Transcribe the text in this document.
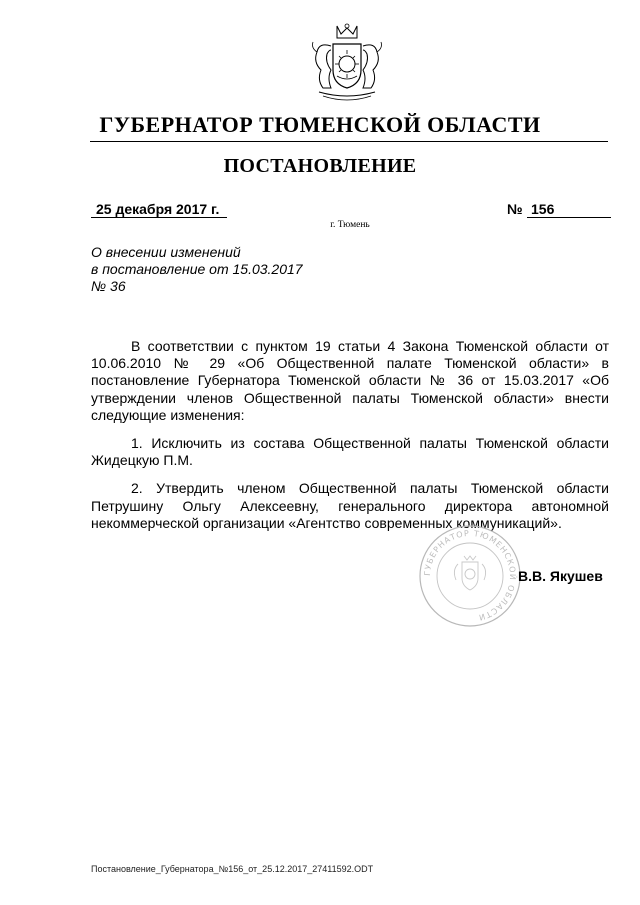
ГУБЕРНАТОР ТЮМЕНСКОЙ ОБЛАСТИ
ПОСТАНОВЛЕНИЕ
25 декабря 2017 г.	№ 156
г. Тюмень
О внесении изменений
в постановление от 15.03.2017
№ 36

В соответствии с пунктом 19 статьи 4 Закона Тюменской области от 10.06.2010 № 29 «Об Общественной палате Тюменской области» в постановление Губернатора Тюменской области № 36 от 15.03.2017 «Об утверждении членов Общественной палаты Тюменской области» внести следующие изменения:

1. Исключить из состава Общественной палаты Тюменской области Жидецкую П.М.

2. Утвердить членом Общественной палаты Тюменской области Петрушину Ольгу Алексеевну, генерального директора автономной некоммерческой организации «Агентство современных коммуникаций».

ГУБЕРНАТОР ТЮМЕНСКОЙ ОБЛАСТИ
В.В. Якушев
Постановление_Губернатора_№156_от_25.12.2017_27411592.ODT
